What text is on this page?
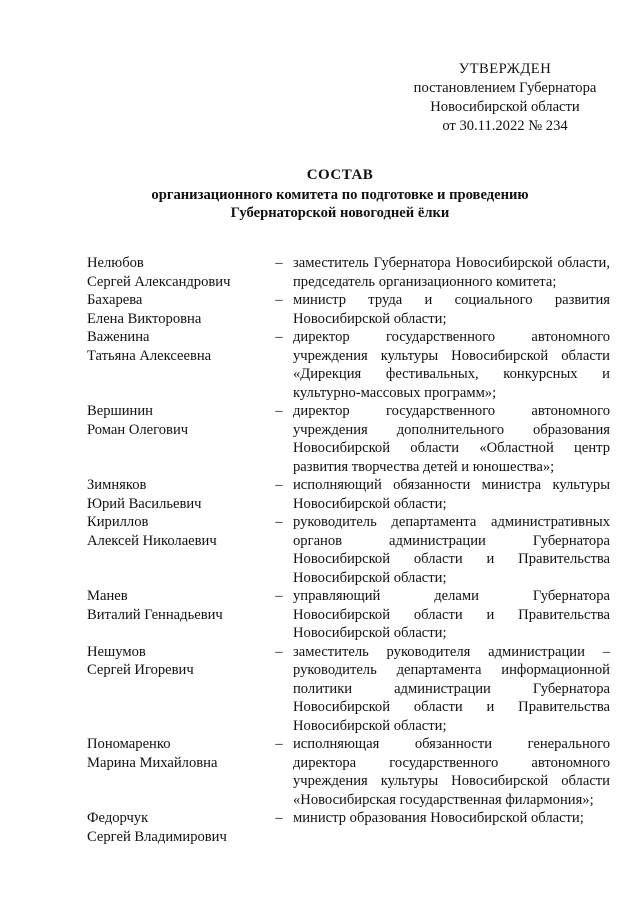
УТВЕРЖДЕН
постановлением Губернатора
Новосибирской области
от 30.11.2022 № 234
СОСТАВ
организационного комитета по подготовке и проведению
Губернаторской новогодней ёлки
Нелюбов
Сергей Александрович
– заместитель Губернатора Новосибирской области, председатель организационного комитета;
Бахарева
Елена Викторовна
– министр труда и социального развития Новосибирской области;
Важенина
Татьяна Алексеевна
– директор государственного автономного учреждения культуры Новосибирской области «Дирекция фестивальных, конкурсных и культурно-массовых программ»;
Вершинин
Роман Олегович
– директор государственного автономного учреждения дополнительного образования Новосибирской области «Областной центр развития творчества детей и юношества»;
Зимняков
Юрий Васильевич
– исполняющий обязанности министра культуры Новосибирской области;
Кириллов
Алексей Николаевич
– руководитель департамента административных органов администрации Губернатора Новосибирской области и Правительства Новосибирской области;
Манев
Виталий Геннадьевич
– управляющий делами Губернатора Новосибирской области и Правительства Новосибирской области;
Нешумов
Сергей Игоревич
– заместитель руководителя администрации – руководитель департамента информационной политики администрации Губернатора Новосибирской области и Правительства Новосибирской области;
Пономаренко
Марина Михайловна
– исполняющая обязанности генерального директора государственного автономного учреждения культуры Новосибирской области «Новосибирская государственная филармония»;
Федорчук
Сергей Владимирович
– министр образования Новосибирской области;
